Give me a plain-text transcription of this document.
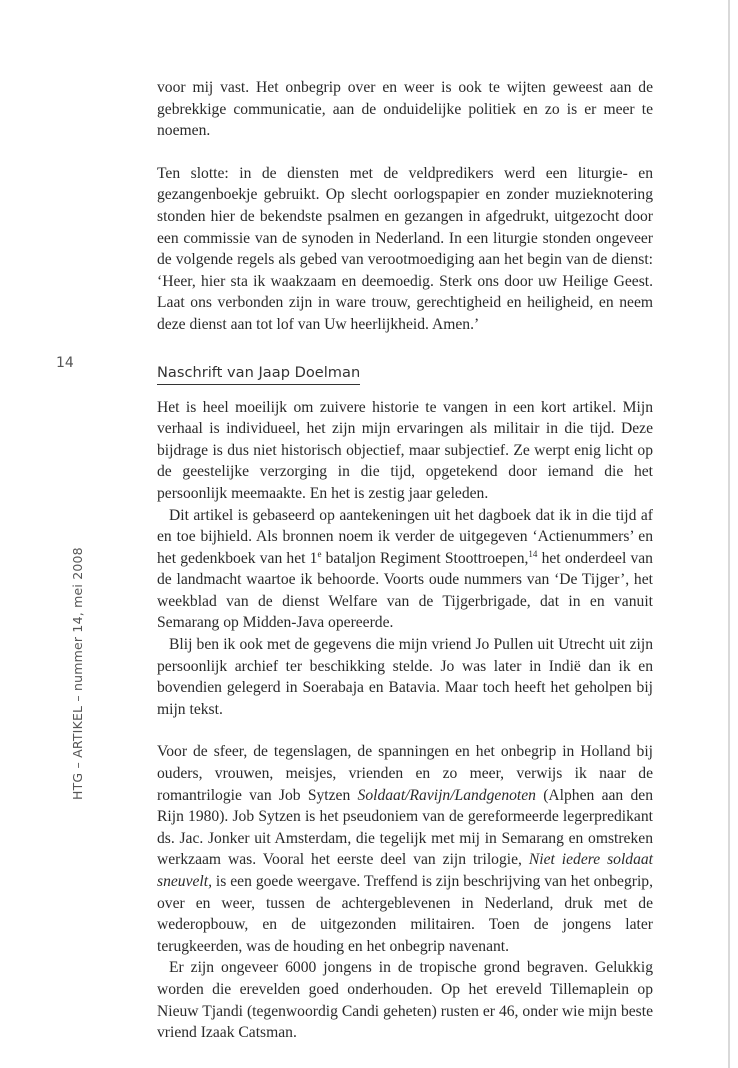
14
HTG – ARTIKEL – nummer 14, mei 2008

voor mij vast. Het onbegrip over en weer is ook te wijten geweest aan de gebrekkige communicatie, aan de onduidelijke politiek en zo is er meer te noemen.

Ten slotte: in de diensten met de veldpredikers werd een liturgie- en gezangenboekje gebruikt. Op slecht oorlogspapier en zonder muzieknotering stonden hier de bekendste psalmen en gezangen in afgedrukt, uitgezocht door een commissie van de synoden in Nederland. In een liturgie stonden ongeveer de volgende regels als gebed van verootmoediging aan het begin van de dienst: ‘Heer, hier sta ik waakzaam en deemoedig. Sterk ons door uw Heilige Geest. Laat ons verbonden zijn in ware trouw, gerechtigheid en heiligheid, en neem deze dienst aan tot lof van Uw heerlijkheid. Amen.’

Naschrift van Jaap Doelman

Het is heel moeilijk om zuivere historie te vangen in een kort artikel. Mijn verhaal is individueel, het zijn mijn ervaringen als militair in die tijd. Deze bijdrage is dus niet historisch objectief, maar subjectief. Ze werpt enig licht op de geestelijke verzorging in die tijd, opgetekend door iemand die het persoonlijk meemaakte. En het is zestig jaar geleden.

Dit artikel is gebaseerd op aantekeningen uit het dagboek dat ik in die tijd af en toe bijhield. Als bronnen noem ik verder de uitgegeven ‘Actienummers’ en het gedenkboek van het 1e bataljon Regiment Stoottroepen,$^{14}$ het onderdeel van de landmacht waartoe ik behoorde. Voorts oude nummers van ‘De Tijger’, het weekblad van de dienst Welfare van de Tijgerbrigade, dat in en vanuit Semarang op Midden-Java opereerde.

Blij ben ik ook met de gegevens die mijn vriend Jo Pullen uit Utrecht uit zijn persoonlijk archief ter beschikking stelde. Jo was later in Indië dan ik en bovendien gelegerd in Soerabaja en Batavia. Maar toch heeft het geholpen bij mijn tekst.

Voor de sfeer, de tegenslagen, de spanningen en het onbegrip in Holland bij ouders, vrouwen, meisjes, vrienden en zo meer, verwijs ik naar de romantrilogie van Job Sytzen Soldaat/Ravijn/Landgenoten (Alphen aan den Rijn 1980). Job Sytzen is het pseudoniem van de gereformeerde legerpredikant ds. Jac. Jonker uit Amsterdam, die tegelijk met mij in Semarang en omstreken werkzaam was. Vooral het eerste deel van zijn trilogie, Niet iedere soldaat sneuvelt, is een goede weergave. Treffend is zijn beschrijving van het onbegrip, over en weer, tussen de achtergeblevenen in Nederland, druk met de wederopbouw, en de uitgezonden militairen. Toen de jongens later terugkeerden, was de houding en het onbegrip navenant.

Er zijn ongeveer 6000 jongens in de tropische grond begraven. Gelukkig worden die erevelden goed onderhouden. Op het ereveld Tillemaplein op Nieuw Tjandi (tegenwoordig Candi geheten) rusten er 46, onder wie mijn beste vriend Izaak Catsman.
